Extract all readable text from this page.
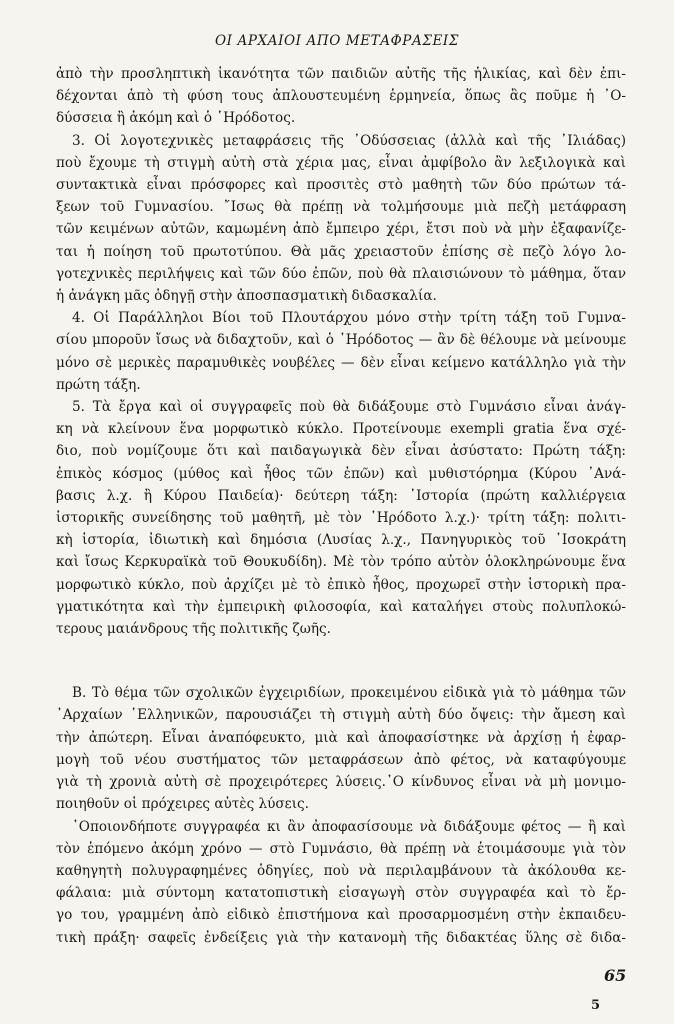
ΟΙ ΑΡΧΑΙΟΙ ΑΠΟ ΜΕΤΑΦΡΑΣΕΙΣ
ἀπὸ τὴν προσληπτικὴ ἱκανότητα τῶν παιδιῶν αὐτῆς τῆς ἡλικίας, καὶ δὲν ἐπι-
δέχονται ἀπὸ τὴ φύση τους ἀπλουστευμένη ἑρμηνεία, ὅπως ἂς ποῦμε ἡ ᾿Ο-
δύσσεια ἢ ἀκόμη καὶ ὁ ῾Ηρόδοτος.
3. Οἱ λογοτεχνικὲς μεταφράσεις τῆς ᾿Οδύσσειας (ἀλλὰ καὶ τῆς ᾿Ιλιάδας)
ποὺ ἔχουμε τὴ στιγμὴ αὐτὴ στὰ χέρια μας, εἶναι ἀμφίβολο ἂν λεξιλογικὰ καὶ
συντακτικὰ εἶναι πρόσφορες καὶ προσιτὲς στὸ μαθητὴ τῶν δύο πρώτων τά-
ξεων τοῦ Γυμνασίου. ῎Ισως θὰ πρέπῃ νὰ τολμήσουμε μιὰ πεζὴ μετάφραση
τῶν κειμένων αὐτῶν, καμωμένη ἀπὸ ἔμπειρο χέρι, ἔτσι ποὺ νὰ μὴν ἐξαφανίζε-
ται ἡ ποίηση τοῦ πρωτοτύπου. Θὰ μᾶς χρειαστοῦν ἐπίσης σὲ πεζὸ λόγο λο-
γοτεχνικὲς περιλήψεις καὶ τῶν δύο ἐπῶν, ποὺ θὰ πλαισιώνουν τὸ μάθημα, ὅταν
ἡ ἀνάγκη μᾶς ὁδηγῇ στὴν ἀποσπασματικὴ διδασκαλία.
4. Οἱ Παράλληλοι Βίοι τοῦ Πλουτάρχου μόνο στὴν τρίτη τάξη τοῦ Γυμνα-
σίου μποροῦν ἴσως νὰ διδαχτοῦν, καὶ ὁ ῾Ηρόδοτος — ἂν δὲ θέλουμε νὰ μείνουμε
μόνο σὲ μερικὲς παραμυθικὲς νουβέλες — δὲν εἶναι κείμενο κατάλληλο γιὰ τὴν
πρώτη τάξη.
5. Τὰ ἔργα καὶ οἱ συγγραφεῖς ποὺ θὰ διδάξουμε στὸ Γυμνάσιο εἶναι ἀνάγ-
κη νὰ κλείνουν ἕνα μορφωτικὸ κύκλο. Προτείνουμε exempli gratia ἕνα σχέ-
διο, ποὺ νομίζουμε ὅτι καὶ παιδαγωγικὰ δὲν εἶναι ἀσύστατο: Πρώτη τάξη:
ἐπικὸς κόσμος (μύθος καὶ ἦθος τῶν ἐπῶν) καὶ μυθιστόρημα (Κύρου ᾿Ανά-
βασις λ.χ. ἢ Κύρου Παιδεία)· δεύτερη τάξη: ῾Ιστορία (πρώτη καλλιέργεια
ἱστορικῆς συνείδησης τοῦ μαθητῆ, μὲ τὸν ῾Ηρόδοτο λ.χ.)· τρίτη τάξη: πολιτι-
κὴ ἱστορία, ἰδιωτικὴ καὶ δημόσια (Λυσίας λ.χ., Πανηγυρικὸς τοῦ ᾿Ισοκράτη
καὶ ἴσως Κερκυραϊκὰ τοῦ Θουκυδίδη). Μὲ τὸν τρόπο αὐτὸν ὁλοκληρώνουμε ἕνα
μορφωτικὸ κύκλο, ποὺ ἀρχίζει μὲ τὸ ἐπικὸ ἦθος, προχωρεῖ στὴν ἱστορικὴ πρα-
γματικότητα καὶ τὴν ἐμπειρικὴ φιλοσοφία, καὶ καταλήγει στοὺς πολυπλοκώ-
τερους μαιάνδρους τῆς πολιτικῆς ζωῆς.
Β. Τὸ θέμα τῶν σχολικῶν ἐγχειριδίων, προκειμένου εἰδικὰ γιὰ τὸ μάθημα τῶν
᾿Αρχαίων ῾Ελληνικῶν, παρουσιάζει τὴ στιγμὴ αὐτὴ δύο ὄψεις: τὴν ἄμεση καὶ
τὴν ἀπώτερη. Εἶναι ἀναπόφευκτο, μιὰ καὶ ἀποφασίστηκε νὰ ἀρχίσῃ ἡ ἐφαρ-
μογὴ τοῦ νέου συστήματος τῶν μεταφράσεων ἀπὸ φέτος, νὰ καταφύγουμε
γιὰ τὴ χρονιὰ αὐτὴ σὲ προχειρότερες λύσεις.᾿Ο κίνδυνος εἶναι νὰ μὴ μονιμο-
ποιηθοῦν οἱ πρόχειρες αὐτὲς λύσεις.
῾Οποιονδήποτε συγγραφέα κι ἂν ἀποφασίσουμε νὰ διδάξουμε φέτος — ἢ καὶ
τὸν ἑπόμενο ἀκόμη χρόνο — στὸ Γυμνάσιο, θὰ πρέπῃ νὰ ἑτοιμάσουμε γιὰ τὸν
καθηγητὴ πολυγραφημένες ὁδηγίες, ποὺ νὰ περιλαμβάνουν τὰ ἀκόλουθα κε-
φάλαια: μιὰ σύντομη κατατοπιστικὴ εἰσαγωγὴ στὸν συγγραφέα καὶ τὸ ἔρ-
γο του, γραμμένη ἀπὸ εἰδικὸ ἐπιστήμονα καὶ προσαρμοσμένη στὴν ἐκπαιδευ-
τικὴ πράξη· σαφεῖς ἐνδείξεις γιὰ τὴν κατανομὴ τῆς διδακτέας ὕλης σὲ διδα-
65
5
